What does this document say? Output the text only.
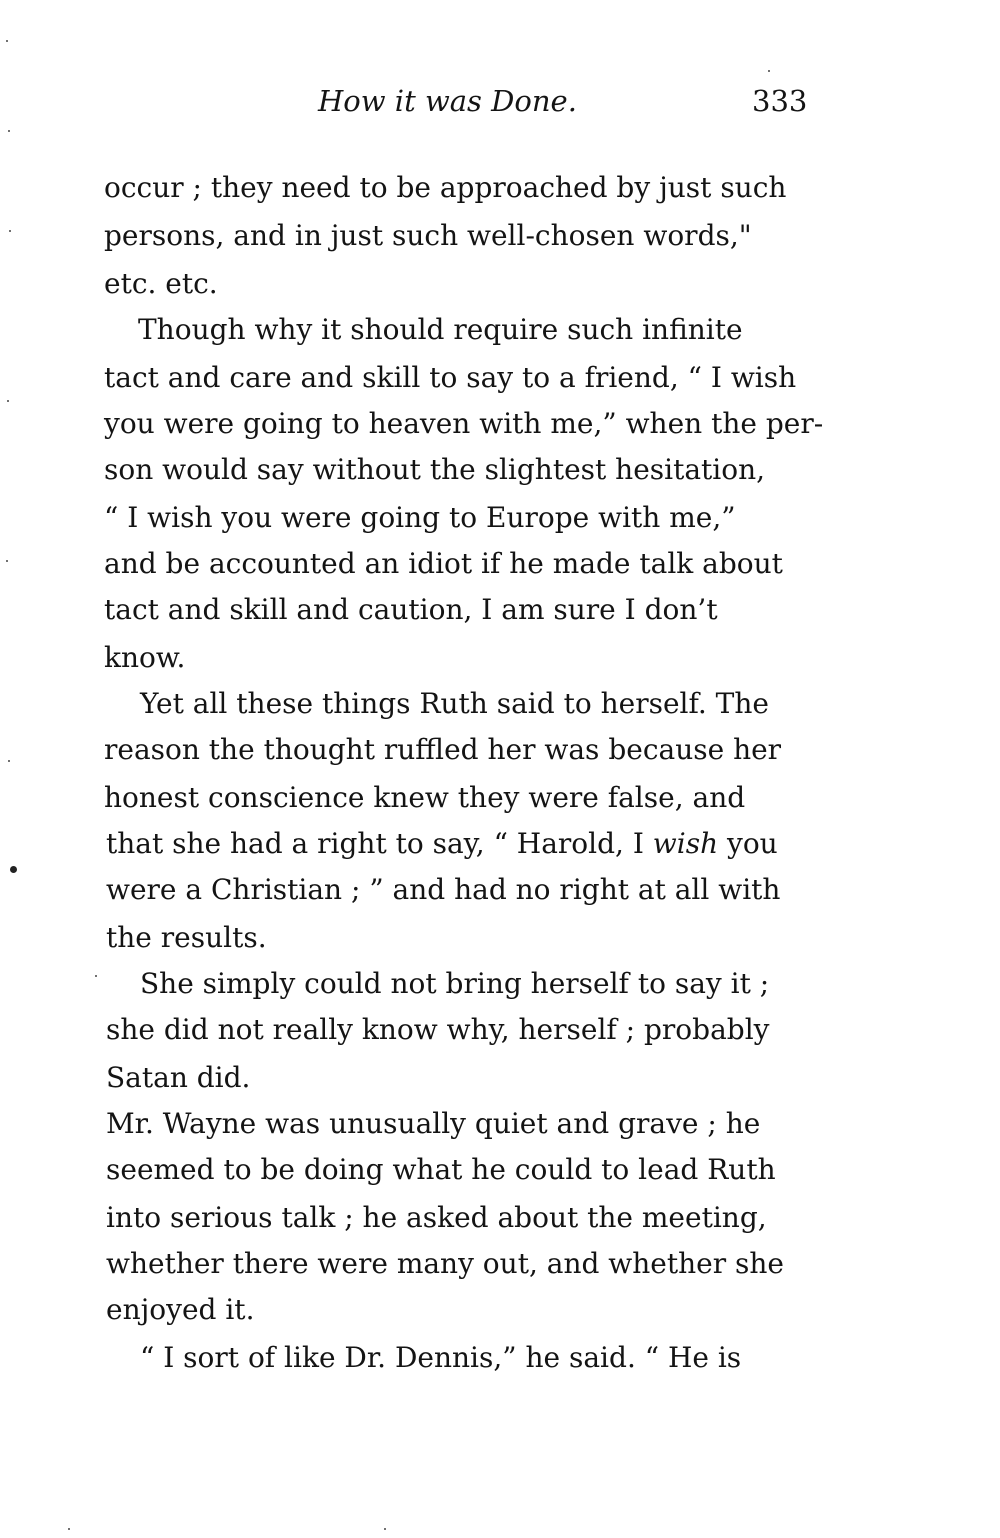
How it was Done.	333
occur ; they need to be approached by just such
persons, and in just such well-chosen words,"
etc. etc.
Though why it should require such infinite
tact and care and skill to say to a friend, “ I wish
you were going to heaven with me,” when the per-
son would say without the slightest hesitation,
“ I wish you were going to Europe with me,”
and be accounted an idiot if he made talk about
tact and skill and caution, I am sure I don’t
know.
Yet all these things Ruth said to herself. The
reason the thought ruffled her was because her
honest conscience knew they were false, and
that she had a right to say, “ Harold, I wish you
were a Christian ; ” and had no right at all with
the results.
She simply could not bring herself to say it ;
she did not really know why, herself ; probably
Satan did.
Mr. Wayne was unusually quiet and grave ; he
seemed to be doing what he could to lead Ruth
into serious talk ; he asked about the meeting,
whether there were many out, and whether she
enjoyed it.
“ I sort of like Dr. Dennis,” he said. “ He is
